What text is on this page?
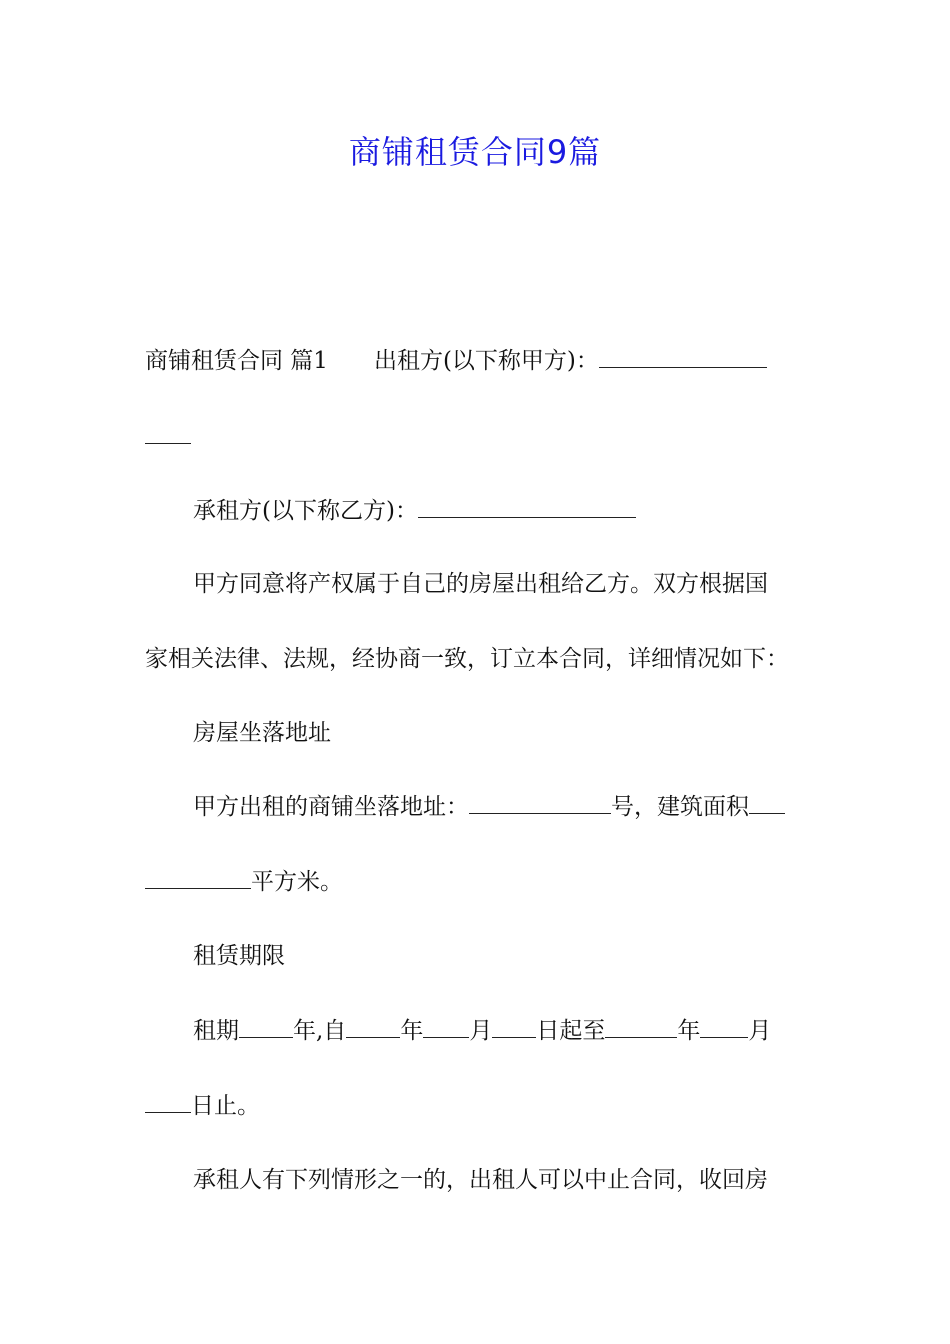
商铺租赁合同9篇
商铺租赁合同 篇1 出租方(以下称甲方)：
承租方(以下称乙方)：
甲方同意将产权属于自己的房屋出租给乙方。双方根据国
家相关法律、法规，经协商一致，订立本合同，详细情况如下：
房屋坐落地址
甲方出租的商铺坐落地址：	号，建筑面积
平方米。
租赁期限
租期 年,自 年 月 日起至	年 月
日止。
承租人有下列情形之一的，出租人可以中止合同，收回房
